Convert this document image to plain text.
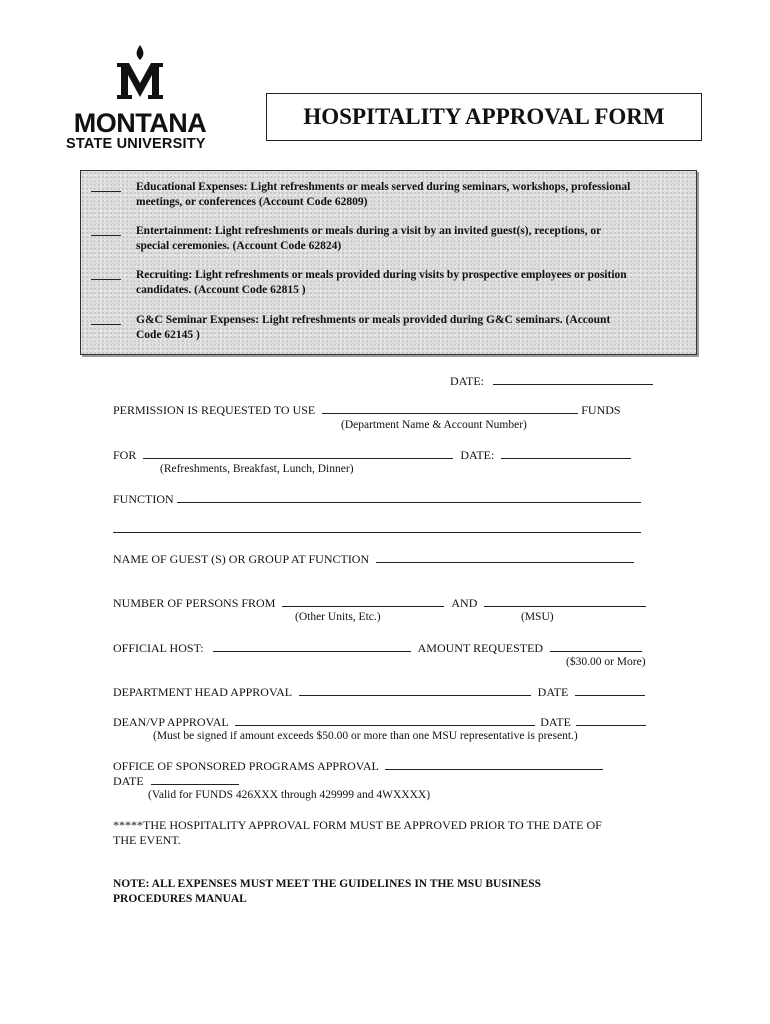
MONTANA
STATE UNIVERSITY
HOSPITALITY APPROVAL FORM
Educational Expenses: Light refreshments or meals served during seminars, workshops, professional
meetings, or conferences (Account Code 62809)
Entertainment: Light refreshments or meals during a visit by an invited guest(s), receptions, or
special ceremonies. (Account Code 62824)
Recruiting: Light refreshments or meals provided during visits by prospective employees or position
candidates. (Account Code 62815 )
G&C Seminar Expenses: Light refreshments or meals provided during G&C seminars. (Account
Code 62145 )
DATE:
PERMISSION IS REQUESTED TO USE	FUNDS
(Department Name & Account Number)
FOR	DATE:
(Refreshments, Breakfast, Lunch, Dinner)
FUNCTION
NAME OF GUEST (S) OR GROUP AT FUNCTION
NUMBER OF PERSONS FROM	AND
(Other Units, Etc.)	(MSU)
OFFICIAL HOST:	AMOUNT REQUESTED
($30.00 or More)
DEPARTMENT HEAD APPROVAL	DATE
DEAN/VP APPROVAL	DATE
(Must be signed if amount exceeds $50.00 or more than one MSU representative is present.)
OFFICE OF SPONSORED PROGRAMS APPROVAL
DATE
(Valid for FUNDS 426XXX through 429999 and 4WXXXX)
*****THE HOSPITALITY APPROVAL FORM MUST BE APPROVED PRIOR TO THE DATE OF
THE EVENT.
NOTE: ALL EXPENSES MUST MEET THE GUIDELINES IN THE MSU BUSINESS
PROCEDURES MANUAL
